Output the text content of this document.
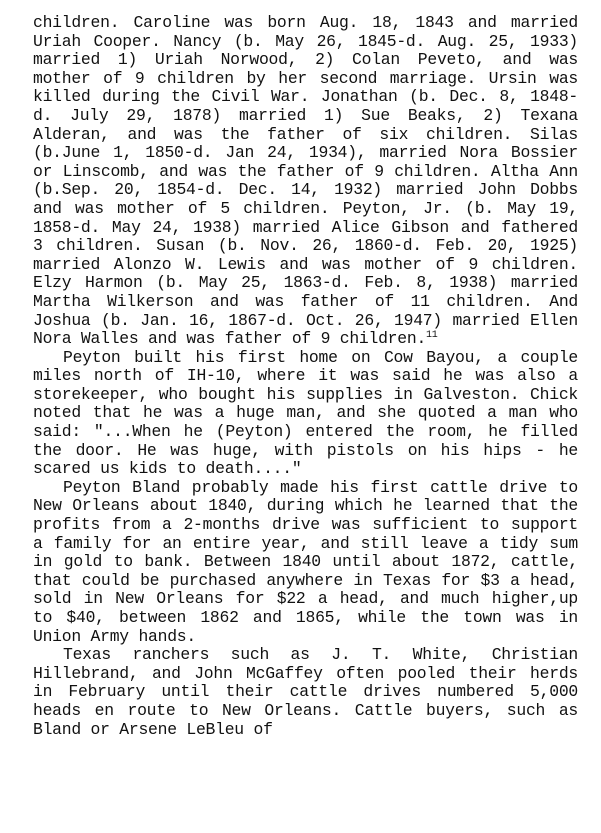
children. Caroline was born Aug. 18, 1843 and married Uriah Cooper. Nancy (b. May 26, 1845-d. Aug. 25, 1933) married 1) Uriah Norwood, 2) Colan Peveto, and was mother of 9 children by her second marriage. Ursin was killed during the Civil War. Jonathan (b. Dec. 8, 1848-d. July 29, 1878) married 1) Sue Beaks, 2) Texana Alderan, and was the father of six children. Silas (b.June 1, 1850-d. Jan 24, 1934), married Nora Bossier or Linscomb, and was the father of 9 children. Altha Ann (b.Sep. 20, 1854-d. Dec. 14, 1932) married John Dobbs and was mother of 5 children. Peyton, Jr. (b. May 19, 1858-d. May 24, 1938) married Alice Gibson and fathered 3 children. Susan (b. Nov. 26, 1860-d. Feb. 20, 1925) married Alonzo W. Lewis and was mother of 9 children. Elzy Harmon (b. May 25, 1863-d. Feb. 8, 1938) married Martha Wilkerson and was father of 11 children. And Joshua (b. Jan. 16, 1867-d. Oct. 26, 1947) married Ellen Nora Walles and was father of 9 children.$^{11}$

Peyton built his first home on Cow Bayou, a couple miles north of IH-10, where it was said he was also a storekeeper, who bought his supplies in Galveston. Chick noted that he was a huge man, and she quoted a man who said: "...When he (Peyton) entered the room, he filled the door. He was huge, with pistols on his hips - he scared us kids to death...."

Peyton Bland probably made his first cattle drive to New Orleans about 1840, during which he learned that the profits from a 2-months drive was sufficient to support a family for an entire year, and still leave a tidy sum in gold to bank. Between 1840 until about 1872, cattle, that could be purchased anywhere in Texas for $3 a head, sold in New Orleans for $22 a head, and much higher,up to $40, between 1862 and 1865, while the town was in Union Army hands.

Texas ranchers such as J. T. White, Christian Hillebrand, and John McGaffey often pooled their herds in February until their cattle drives numbered 5,000 heads en route to New Orleans. Cattle buyers, such as Bland or Arsene LeBleu of
